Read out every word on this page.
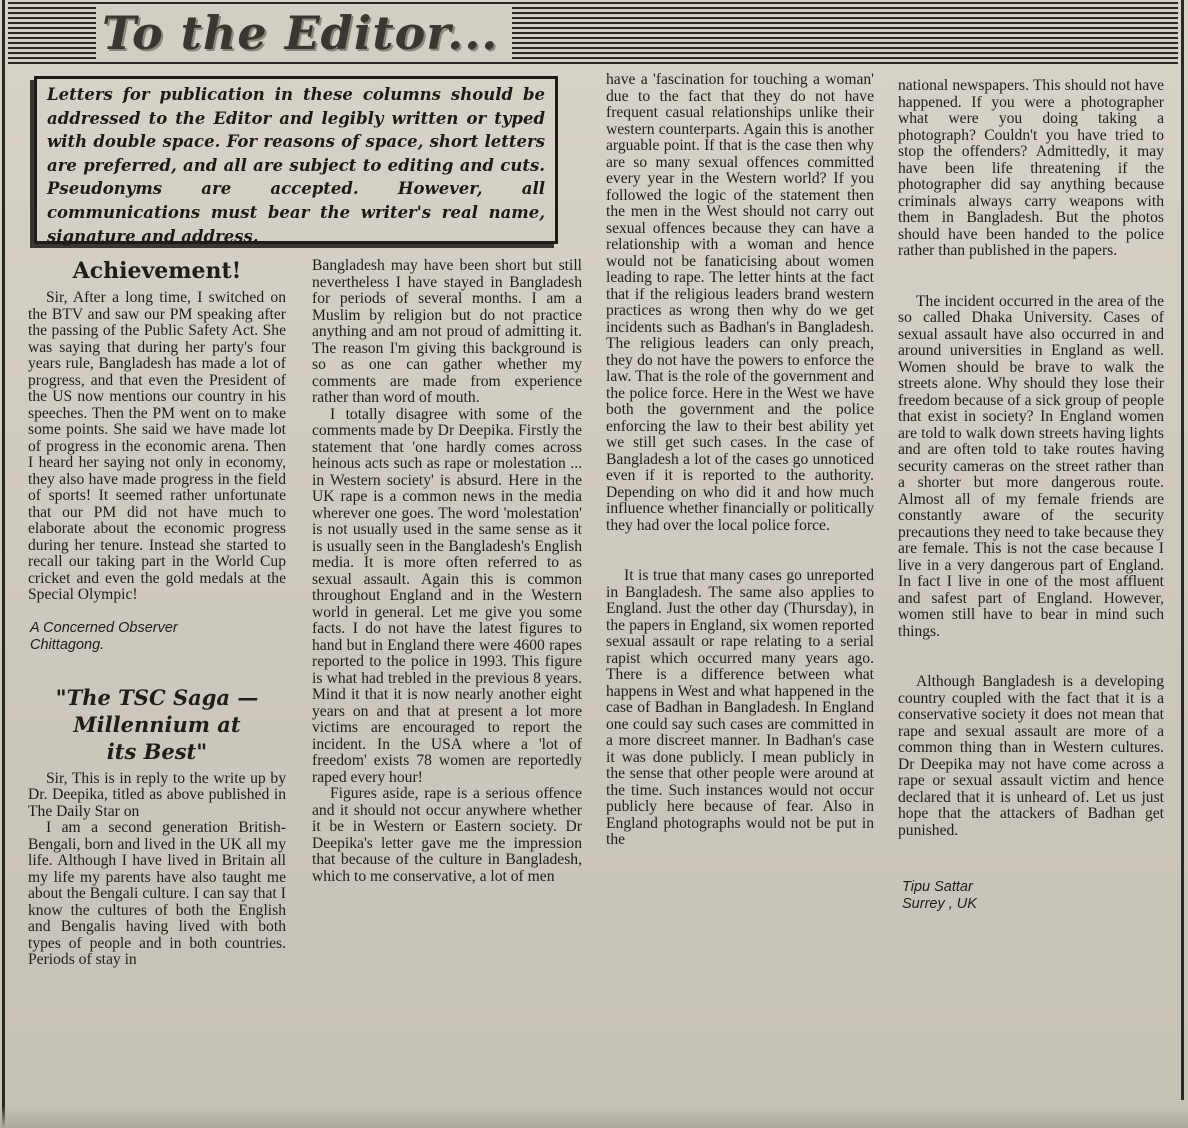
To the Editor...
Letters for publication in these columns should be addressed to the Editor and legibly written or typed with double space. For reasons of space, short letters are preferred, and all are subject to editing and cuts. Pseudonyms are accepted. However, all communications must bear the writer's real name, signature and address.
Achievement!

Sir, After a long time, I switched on the BTV and saw our PM speaking after the passing of the Public Safety Act. She was saying that during her party's four years rule, Bangladesh has made a lot of progress, and that even the President of the US now mentions our country in his speeches. Then the PM went on to make some points. She said we have made lot of progress in the economic arena. Then I heard her saying not only in economy, they also have made progress in the field of sports! It seemed rather unfortunate that our PM did not have much to elaborate about the economic progress during her tenure. Instead she started to recall our taking part in the World Cup cricket and even the gold medals at the Special Olympic!

A Concerned Observer
Chittagong.
"The TSC Saga —
Millennium at
its Best"

Sir, This is in reply to the write up by Dr. Deepika, titled as above published in The Daily Star on

I am a second generation British-Bengali, born and lived in the UK all my life. Although I have lived in Britain all my life my parents have also taught me about the Bengali culture. I can say that I know the cultures of both the English and Bengalis having lived with both types of people and in both countries. Periods of stay in

Bangladesh may have been short but still nevertheless I have stayed in Bangladesh for periods of several months. I am a Muslim by religion but do not practice anything and am not proud of admitting it. The reason I'm giving this background is so as one can gather whether my comments are made from experience rather than word of mouth.

I totally disagree with some of the comments made by Dr Deepika. Firstly the statement that 'one hardly comes across heinous acts such as rape or molestation ... in Western society' is absurd. Here in the UK rape is a common news in the media wherever one goes. The word 'molestation' is not usually used in the same sense as it is usually seen in the Bangladesh's English media. It is more often referred to as sexual assault. Again this is common throughout England and in the Western world in general. Let me give you some facts. I do not have the latest figures to hand but in England there were 4600 rapes reported to the police in 1993. This figure is what had trebled in the previous 8 years. Mind it that it is now nearly another eight years on and that at present a lot more victims are encouraged to report the incident. In the USA where a 'lot of freedom' exists 78 women are reportedly raped every hour!

Figures aside, rape is a serious offence and it should not occur anywhere whether it be in Western or Eastern society. Dr Deepika's letter gave me the impression that because of the culture in Bangladesh, which to me conservative, a lot of men

have a 'fascination for touching a woman' due to the fact that they do not have frequent casual relationships unlike their western counterparts. Again this is another arguable point. If that is the case then why are so many sexual offences committed every year in the Western world? If you followed the logic of the statement then the men in the West should not carry out sexual offences because they can have a relationship with a woman and hence would not be fanaticising about women leading to rape. The letter hints at the fact that if the religious leaders brand western practices as wrong then why do we get incidents such as Badhan's in Bangladesh. The religious leaders can only preach, they do not have the powers to enforce the law. That is the role of the government and the police force. Here in the West we have both the government and the police enforcing the law to their best ability yet we still get such cases. In the case of Bangladesh a lot of the cases go unnoticed even if it is reported to the authority. Depending on who did it and how much influence whether financially or politically they had over the local police force.

It is true that many cases go unreported in Bangladesh. The same also applies to England. Just the other day (Thursday), in the papers in England, six women reported sexual assault or rape relating to a serial rapist which occurred many years ago. There is a difference between what happens in West and what happened in the case of Badhan in Bangladesh. In England one could say such cases are committed in a more discreet manner. In Badhan's case it was done publicly. I mean publicly in the sense that other people were around at the time. Such instances would not occur publicly here because of fear. Also in England photographs would not be put in the

national newspapers. This should not have happened. If you were a photographer what were you doing taking a photograph? Couldn't you have tried to stop the offenders? Admittedly, it may have been life threatening if the photographer did say anything because criminals always carry weapons with them in Bangladesh. But the photos should have been handed to the police rather than published in the papers.

The incident occurred in the area of the so called Dhaka University. Cases of sexual assault have also occurred in and around universities in England as well. Women should be brave to walk the streets alone. Why should they lose their freedom because of a sick group of people that exist in society? In England women are told to walk down streets having lights and are often told to take routes having security cameras on the street rather than a shorter but more dangerous route. Almost all of my female friends are constantly aware of the security precautions they need to take because they are female. This is not the case because I live in a very dangerous part of England. In fact I live in one of the most affluent and safest part of England. However, women still have to bear in mind such things.

Although Bangladesh is a developing country coupled with the fact that it is a conservative society it does not mean that rape and sexual assault are more of a common thing than in Western cultures. Dr Deepika may not have come across a rape or sexual assault victim and hence declared that it is unheard of. Let us just hope that the attackers of Badhan get punished.

Tipu Sattar
Surrey , UK
